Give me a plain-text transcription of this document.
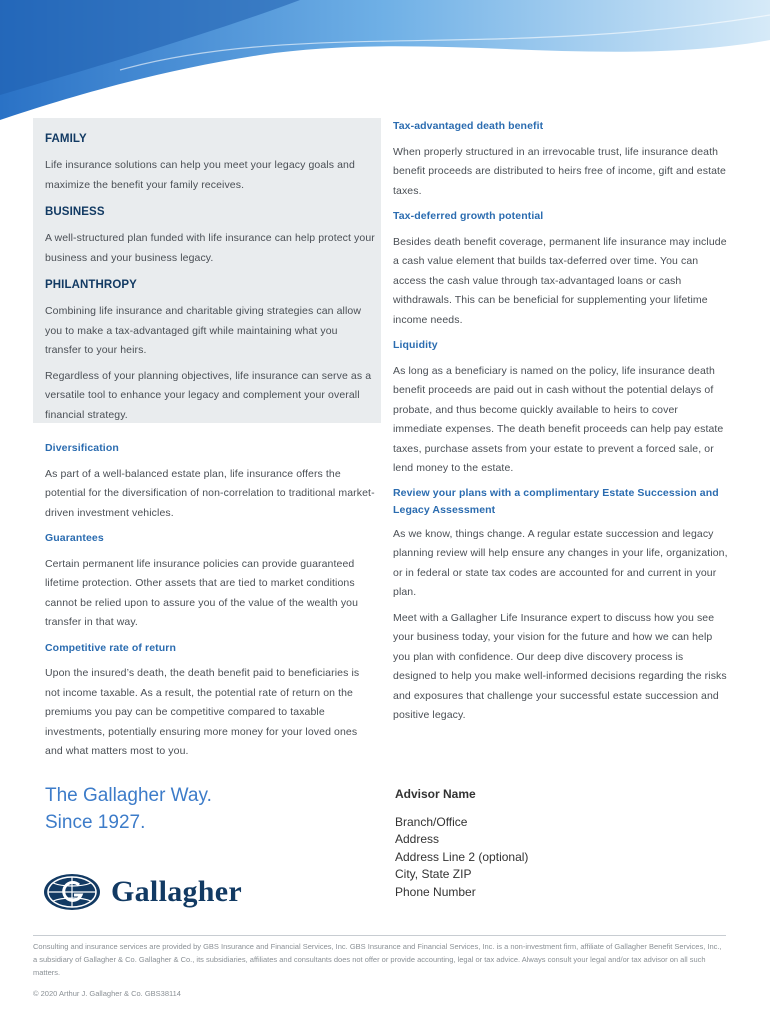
FAMILY

Life insurance solutions can help you meet your legacy goals and maximize the benefit your family receives.

BUSINESS

A well-structured plan funded with life insurance can help protect your business and your business legacy.

PHILANTHROPY

Combining life insurance and charitable giving strategies can allow you to make a tax-advantaged gift while maintaining what you transfer to your heirs.

Regardless of your planning objectives, life insurance can serve as a versatile tool to enhance your legacy and complement your overall financial strategy.

Diversification

As part of a well-balanced estate plan, life insurance offers the potential for the diversification of non-correlation to traditional market-driven investment vehicles.

Guarantees

Certain permanent life insurance policies can provide guaranteed lifetime protection. Other assets that are tied to market conditions cannot be relied upon to assure you of the value of the wealth you transfer in that way.

Competitive rate of return

Upon the insured’s death, the death benefit paid to beneficiaries is not income taxable. As a result, the potential rate of return on the premiums you pay can be competitive compared to taxable investments, potentially ensuring more money for your loved ones and what matters most to you.

Tax-advantaged death benefit

When properly structured in an irrevocable trust, life insurance death benefit proceeds are distributed to heirs free of income, gift and estate taxes.

Tax-deferred growth potential

Besides death benefit coverage, permanent life insurance may include a cash value element that builds tax-deferred over time. You can access the cash value through tax-advantaged loans or cash withdrawals. This can be beneficial for supplementing your lifetime income needs.

Liquidity

As long as a beneficiary is named on the policy, life insurance death benefit proceeds are paid out in cash without the potential delays of probate, and thus become quickly available to heirs to cover immediate expenses. The death benefit proceeds can help pay estate taxes, purchase assets from your estate to prevent a forced sale, or lend money to the estate.

Review your plans with a complimentary Estate Succession and Legacy Assessment

As we know, things change. A regular estate succession and legacy planning review will help ensure any changes in your life, organization, or in federal or state tax codes are accounted for and current in your plan.

Meet with a Gallagher Life Insurance expert to discuss how you see your business today, your vision for the future and how we can help you plan with confidence. Our deep dive discovery process is designed to help you make well-informed decisions regarding the risks and exposures that challenge your successful estate succession and positive legacy.

The Gallagher Way.
Since 1927.
Gallagher
Advisor Name
Branch/Office
Address
Address Line 2 (optional)
City, State ZIP
Phone Number
Consulting and insurance services are provided by GBS Insurance and Financial Services, Inc. GBS Insurance and Financial Services, Inc. is a non-investment firm, affiliate of Gallagher Benefit Services, Inc., a subsidiary of Gallagher & Co. Gallagher & Co., its subsidiaries, affiliates and consultants does not offer or provide accounting, legal or tax advice. Always consult your legal and/or tax advisor on all such matters.
© 2020 Arthur J. Gallagher & Co. GBS38114
